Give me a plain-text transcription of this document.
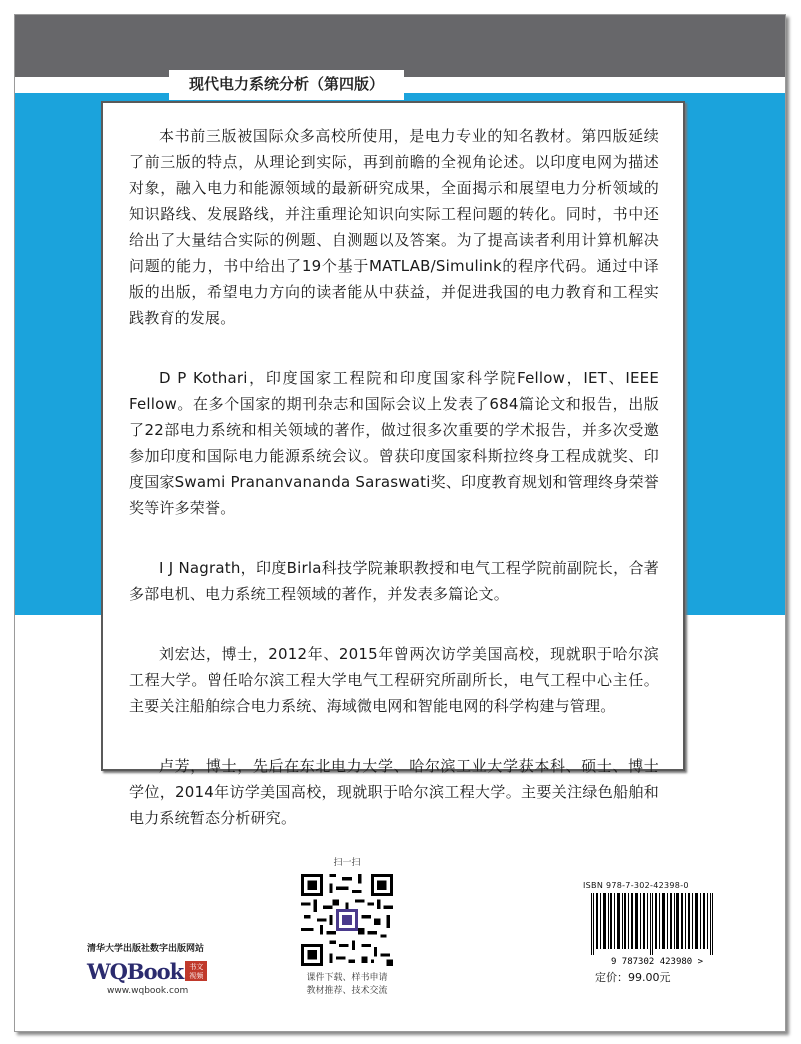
现代电力系统分析（第四版）

本书前三版被国际众多高校所使用，是电力专业的知名教材。第四版延续了前三版的特点，从理论到实际，再到前瞻的全视角论述。以印度电网为描述对象，融入电力和能源领域的最新研究成果，全面揭示和展望电力分析领域的知识路线、发展路线，并注重理论知识向实际工程问题的转化。同时，书中还给出了大量结合实际的例题、自测题以及答案。为了提高读者利用计算机解决问题的能力，书中给出了19个基于MATLAB/Simulink的程序代码。通过中译版的出版，希望电力方向的读者能从中获益，并促进我国的电力教育和工程实践教育的发展。

D P Kothari，印度国家工程院和印度国家科学院Fellow，IET、IEEE Fellow。在多个国家的期刊杂志和国际会议上发表了684篇论文和报告，出版了22部电力系统和相关领域的著作，做过很多次重要的学术报告，并多次受邀参加印度和国际电力能源系统会议。曾获印度国家科斯拉终身工程成就奖、印度国家Swami Prananvananda Saraswati奖、印度教育规划和管理终身荣誉奖等许多荣誉。

I J Nagrath，印度Birla科技学院兼职教授和电气工程学院前副院长，合著多部电机、电力系统工程领域的著作，并发表多篇论文。

刘宏达，博士，2012年、2015年曾两次访学美国高校，现就职于哈尔滨工程大学。曾任哈尔滨工程大学电气工程研究所副所长，电气工程中心主任。主要关注船舶综合电力系统、海域微电网和智能电网的科学构建与管理。

卢芳，博士，先后在东北电力大学、哈尔滨工业大学获本科、硕士、博士学位，2014年访学美国高校，现就职于哈尔滨工程大学。主要关注绿色船舶和电力系统暂态分析研究。

扫一扫
课件下载、样书申请
教材推荐、技术交流
清华大学出版社数字出版网站
WQBook 书文
视频
www.wqbook.com
ISBN 978-7-302-42398-0
9 787302 423980 >
定价：99.00元
